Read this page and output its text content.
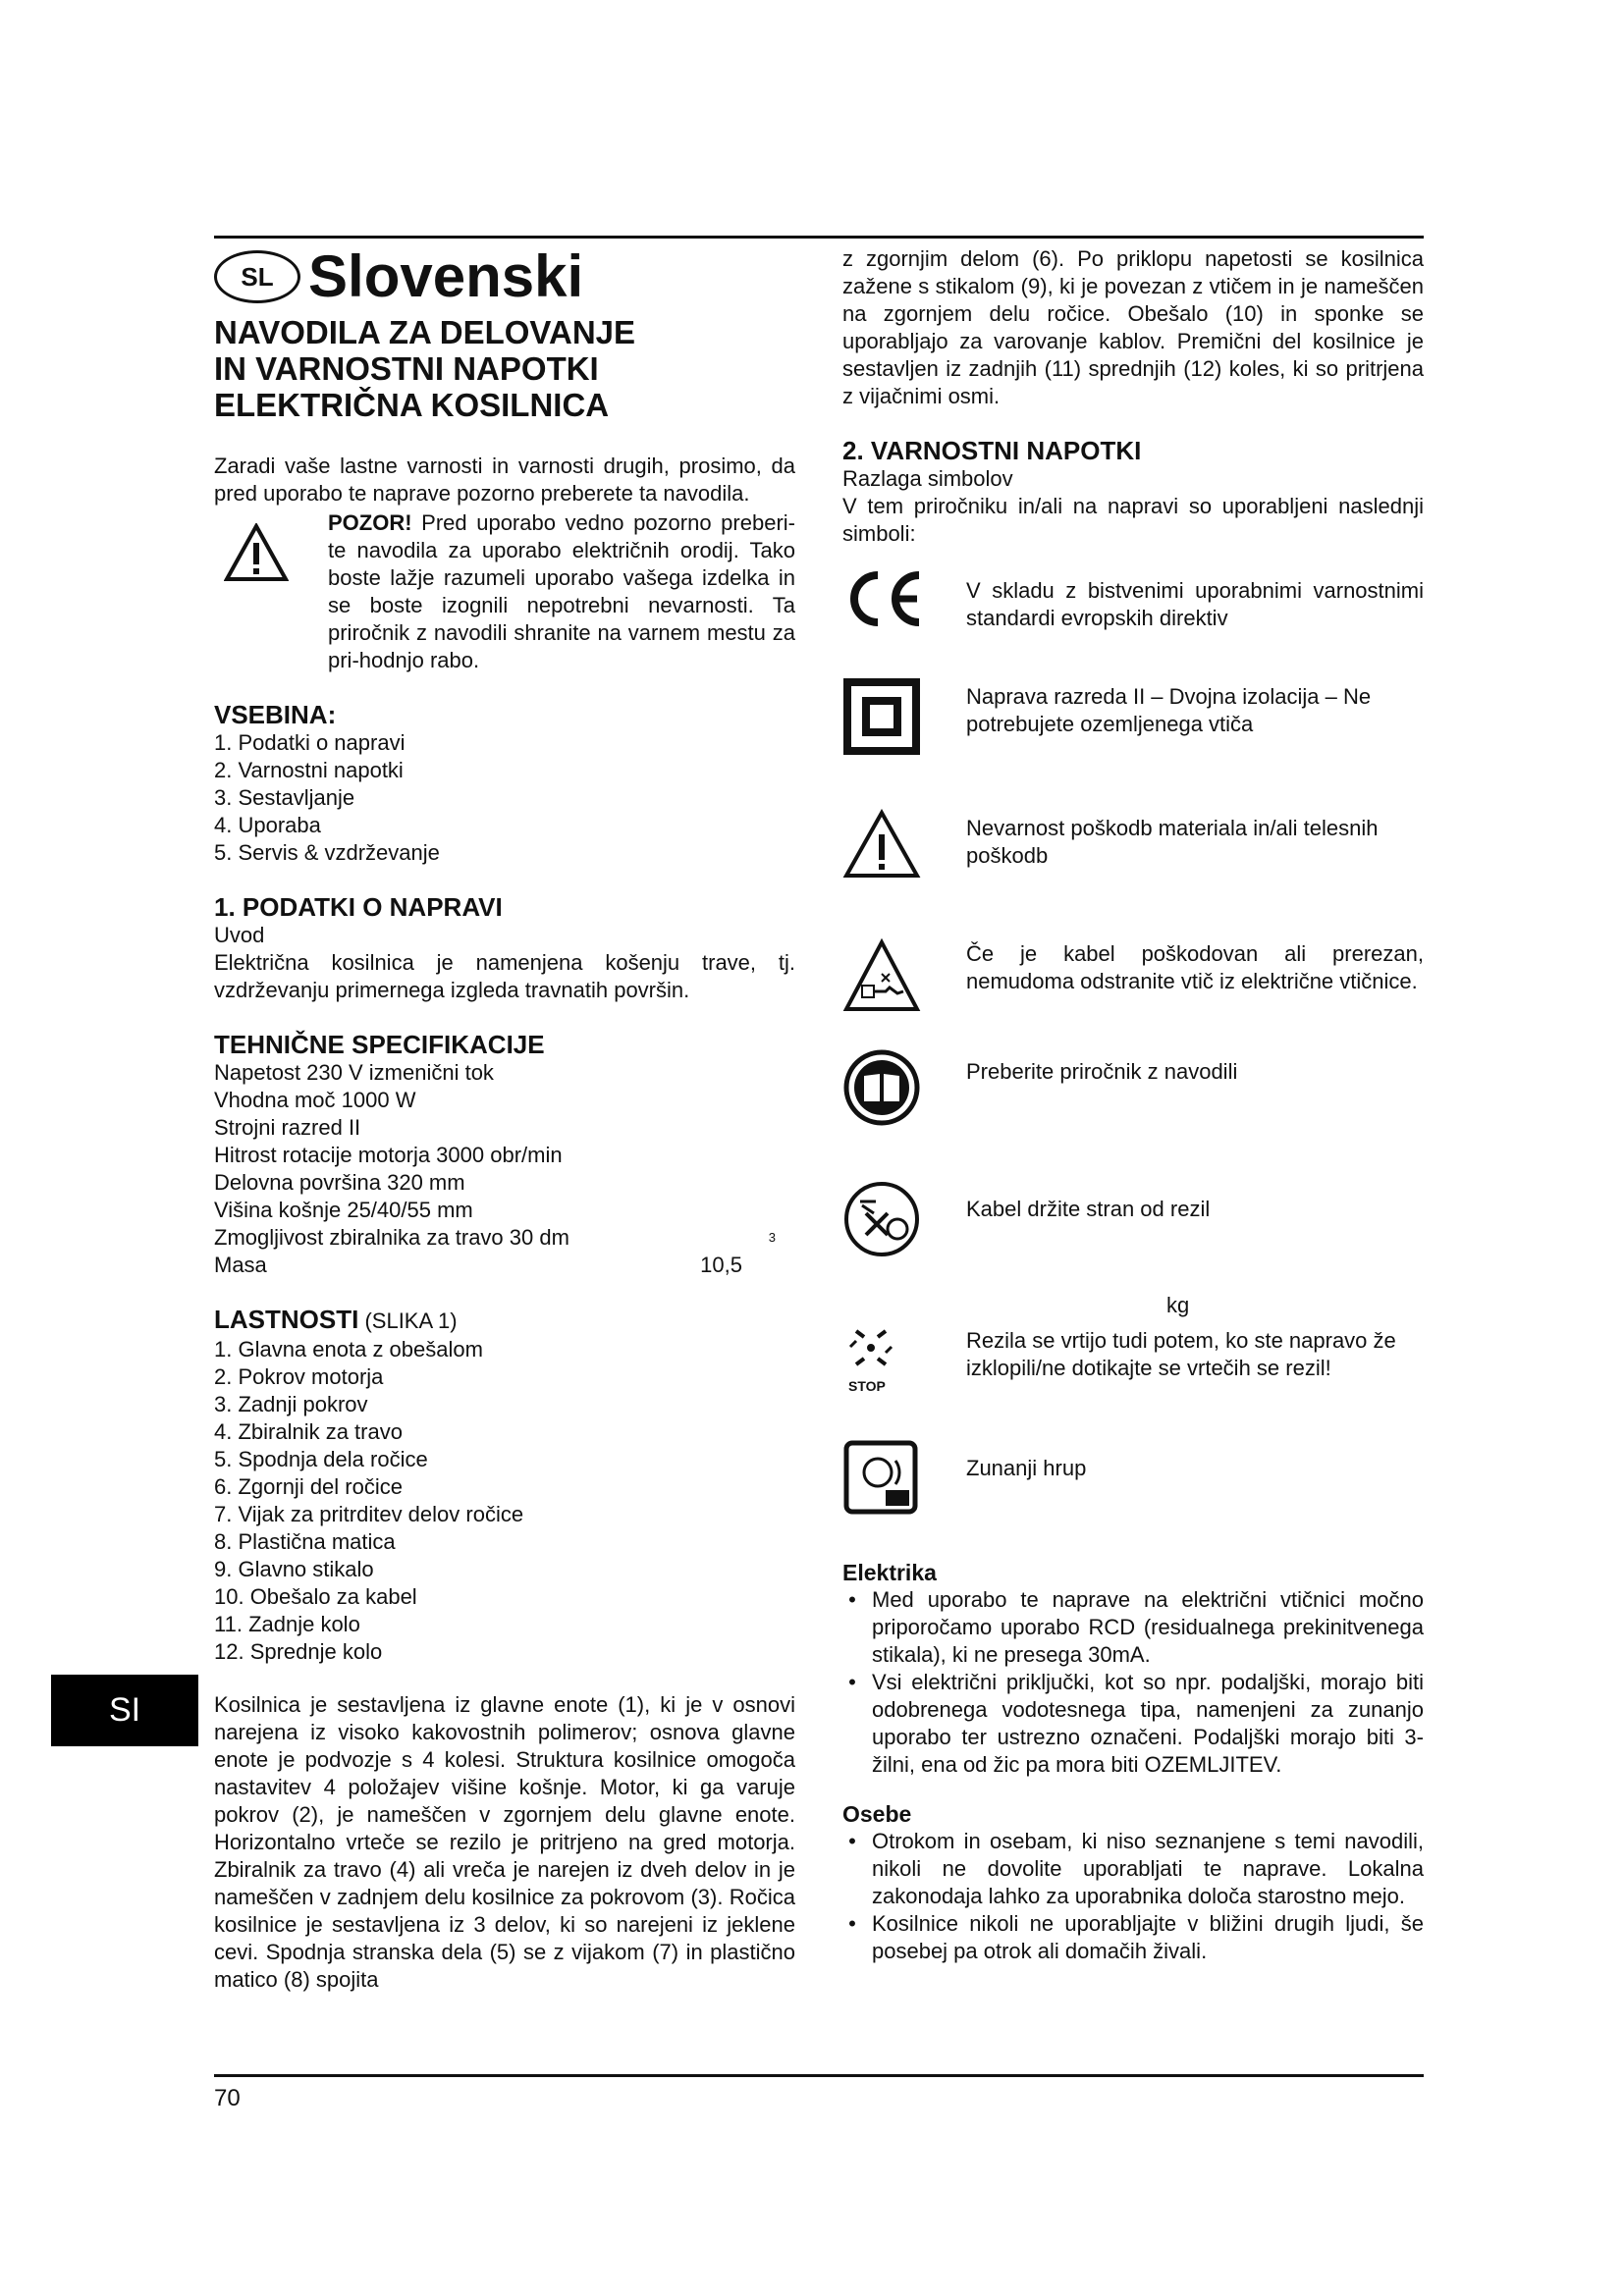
SL Slovenski
NAVODILA ZA DELOVANJE
IN VARNOSTNI NAPOTKI
ELEKTRIČNA KOSILNICA

Zaradi vaše lastne varnosti in varnosti drugih, prosimo, da pred uporabo te naprave pozorno preberete ta navodila.

POZOR! Pred uporabo vedno pozorno preberi-te navodila za uporabo električnih orodij. Tako boste lažje razumeli uporabo vašega izdelka in se boste izognili nepotrebni nevarnosti. Ta priročnik z navodili shranite na varnem mestu za pri-hodnjo rabo.

VSEBINA:
1. Podatki o napravi
2. Varnostni napotki
3. Sestavljanje
4. Uporaba
5. Servis & vzdrževanje
1. PODATKI O NAPRAVI

Uvod

Električna kosilnica je namenjena košenju trave, tj. vzdrževanju primernega izgleda travnatih površin.

TEHNIČNE SPECIFIKACIJE

Napetost 230 V izmenični tok

Vhodna moč 1000 W

Strojni razred II

Hitrost rotacije motorja 3000 obr/min

Delovna površina 320 mm

Višina košnje 25/40/55 mm

Zmogljivost zbiralnika za travo 30 dm	3
Masa	10,5
LASTNOSTI (SLIKA 1)
1. Glavna enota z obešalom
2. Pokrov motorja
3. Zadnji pokrov
4. Zbiralnik za travo
5. Spodnja dela ročice
6. Zgornji del ročice
7. Vijak za pritrditev delov ročice
8. Plastična matica
9. Glavno stikalo
10. Obešalo za kabel
11. Zadnje kolo
12. Sprednje kolo

Kosilnica je sestavljena iz glavne enote (1), ki je v osnovi narejena iz visoko kakovostnih polimerov; osnova glavne enote je podvozje s 4 kolesi. Struktura kosilnice omogoča nastavitev 4 položajev višine košnje. Motor, ki ga varuje pokrov (2), je nameščen v zgornjem delu glavne enote. Horizontalno vrteče se rezilo je pritrjeno na gred motorja. Zbiralnik za travo (4) ali vreča je narejen iz dveh delov in je nameščen v zadnjem delu kosilnice za pokrovom (3). Ročica kosilnice je sestavljena iz 3 delov, ki so narejeni iz jeklene cevi. Spodnja stranska dela (5) se z vijakom (7) in plastično matico (8) spojita

z zgornjim delom (6). Po priklopu napetosti se kosilnica zažene s stikalom (9), ki je povezan z vtičem in je nameščen na zgornjem delu ročice. Obešalo (10) in sponke se uporabljajo za varovanje kablov. Premični del kosilnice je sestavljen iz zadnjih (11) sprednjih (12) koles, ki so pritrjena z vijačnimi osmi.

2. VARNOSTNI NAPOTKI

Razlaga simbolov

V tem priročniku in/ali na napravi so uporabljeni naslednji simboli:

V skladu z bistvenimi uporabnimi varnostnimi standardi evropskih direktiv
Naprava razreda II – Dvojna izolacija – Ne potrebujete ozemljenega vtiča
Nevarnost poškodb materiala in/ali telesnih poškodb
Če je kabel poškodovan ali prerezan, nemudoma odstranite vtič iz električne vtičnice.
Preberite priročnik z navodili
Kabel držite stran od rezil
kg
STOP
Rezila se vrtijo tudi potem, ko ste napravo že izklopili/ne dotikajte se vrtečih se rezil!
Zunanji hrup
Elektrika
• Med uporabo te naprave na električni vtičnici močno priporočamo uporabo RCD (residualnega prekinitvenega stikala), ki ne presega 30mA.
• Vsi električni priključki, kot so npr. podaljški, morajo biti odobrenega vodotesnega tipa, namenjeni za zunanjo uporabo ter ustrezno označeni. Podaljški morajo biti 3-žilni, ena od žic pa mora biti OZEMLJITEV.
Osebe
• Otrokom in osebam, ki niso seznanjene s temi navodili, nikoli ne dovolite uporabljati te naprave. Lokalna zakonodaja lahko za uporabnika določa starostno mejo.
• Kosilnice nikoli ne uporabljajte v bližini drugih ljudi, še posebej pa otrok ali domačih živali.
SI
70
